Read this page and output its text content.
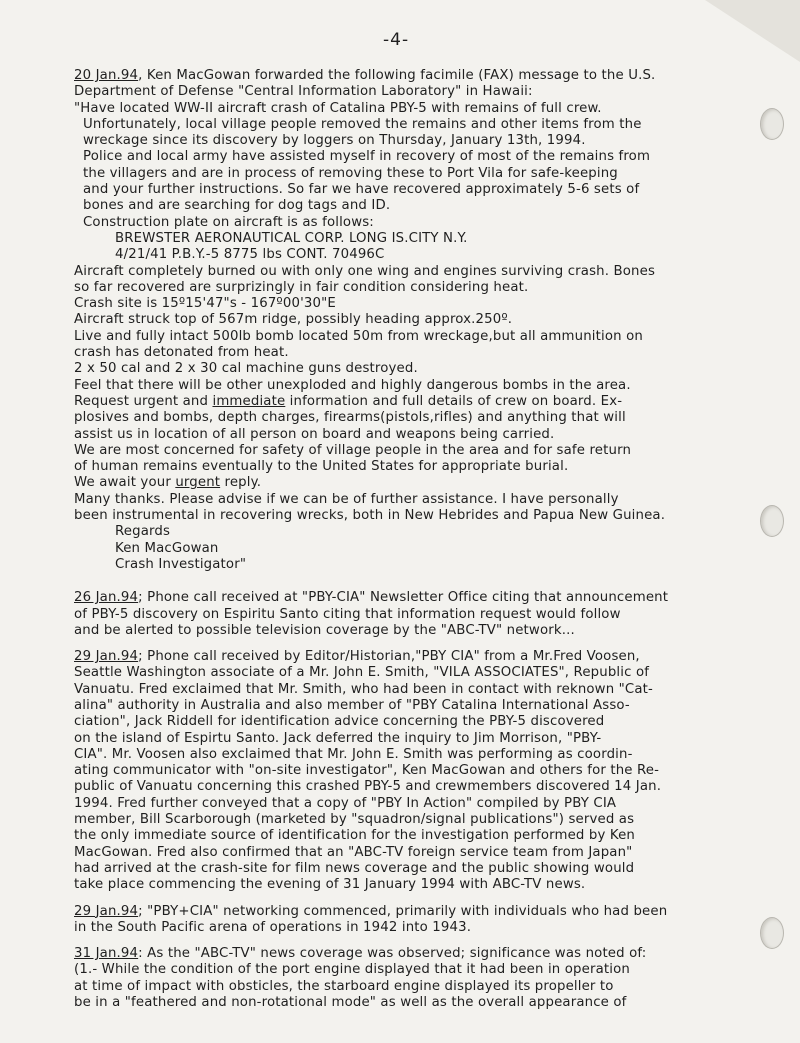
-4-

20 Jan.94, Ken MacGowan forwarded the following facimile (FAX) message to the U.S.

Department of Defense "Central Information Laboratory" in Hawaii:

"Have located WW-II aircraft crash of Catalina PBY-5 with remains of full crew.

Unfortunately, local village people removed the remains and other items from the

wreckage since its discovery by loggers on Thursday, January 13th, 1994.

Police and local army have assisted myself in recovery of most of the remains from

the villagers and are in process of removing these to Port Vila for safe-keeping

and your further instructions. So far we have recovered approximately 5-6 sets of

bones and are searching for dog tags and ID.

Construction plate on aircraft is as follows:

BREWSTER AERONAUTICAL CORP. LONG IS.CITY N.Y.

4/21/41 P.B.Y.-5 8775 lbs CONT. 70496C

Aircraft completely burned ou with only one wing and engines surviving crash. Bones

so far recovered are surprizingly in fair condition considering heat.

Crash site is 15º15'47"s - 167º00'30"E

Aircraft struck top of 567m ridge, possibly heading approx.250º.

Live and fully intact 500lb bomb located 50m from wreckage,but all ammunition on

crash has detonated from heat.

2 x 50 cal and 2 x 30 cal machine guns destroyed.

Feel that there will be other unexploded and highly dangerous bombs in the area.

Request urgent and immediate information and full details of crew on board. Ex-

plosives and bombs, depth charges, firearms(pistols,rifles) and anything that will

assist us in location of all person on board and weapons being carried.

We are most concerned for safety of village people in the area and for safe return

of human remains eventually to the United States for appropriate burial.

We await your urgent reply.

Many thanks. Please advise if we can be of further assistance. I have personally

been instrumental in recovering wrecks, both in New Hebrides and Papua New Guinea.

Regards

Ken MacGowan

Crash Investigator"

26 Jan.94; Phone call received at "PBY-CIA" Newsletter Office citing that announcement

of PBY-5 discovery on Espiritu Santo citing that information request would follow

and be alerted to possible television coverage by the "ABC-TV" network...

29 Jan.94; Phone call received by Editor/Historian,"PBY CIA" from a Mr.Fred Voosen,

Seattle Washington associate of a Mr. John E. Smith, "VILA ASSOCIATES", Republic of

Vanuatu. Fred exclaimed that Mr. Smith, who had been in contact with reknown "Cat-

alina" authority in Australia and also member of "PBY Catalina International Asso-

ciation", Jack Riddell for identification advice concerning the PBY-5 discovered

on the island of Espirtu Santo. Jack deferred the inquiry to Jim Morrison, "PBY-

CIA". Mr. Voosen also exclaimed that Mr. John E. Smith was performing as coordin-

ating communicator with "on-site investigator", Ken MacGowan and others for the Re-

public of Vanuatu concerning this crashed PBY-5 and crewmembers discovered 14 Jan.

1994. Fred further conveyed that a copy of "PBY In Action" compiled by PBY CIA

member, Bill Scarborough (marketed by "squadron/signal publications") served as

the only immediate source of identification for the investigation performed by Ken

MacGowan. Fred also confirmed that an "ABC-TV foreign service team from Japan"

had arrived at the crash-site for film news coverage and the public showing would

take place commencing the evening of 31 January 1994 with ABC-TV news.

29 Jan.94; "PBY+CIA" networking commenced, primarily with individuals who had been

in the South Pacific arena of operations in 1942 into 1943.

31 Jan.94: As the "ABC-TV" news coverage was observed; significance was noted of:

(1.- While the condition of the port engine displayed that it had been in operation

at time of impact with obsticles, the starboard engine displayed its propeller to

be in a "feathered and non-rotational mode" as well as the overall appearance of
